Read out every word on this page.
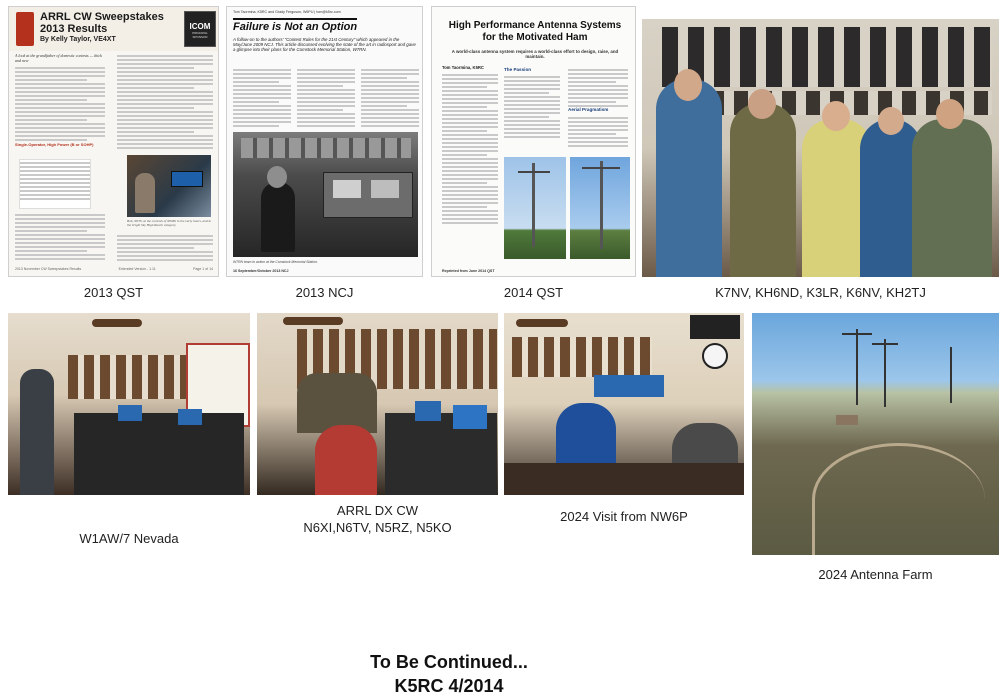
ARRL CW Sweepstakes
2013 Results
By Kelly Taylor, VE4XT
ICOM
PRINCIPAL SPONSOR
A look at the grandfather of domestic contests — thick and new
Single-Operator, High Power (B or SOHP)
Bob, N6TV, at the controls of N6MX in the early hours, and in the bright Sky High Ranch category.
2013 November CW Sweepstakes Results	Extended Version - 1.11	Page 1 of 14
2013 QST
Tom Taormina, K5RC and Grady Ferguson, W6PU | tom@k5rc.com
Failure is Not an Option
A follow-on to the authors' "Contest Rules for the 21st Century" which appeared in the May/June 2009 NCJ. This article discussed evolving the state of the art in radiosport and gave a glimpse into their plans for the Comstock Memorial Station, W7RN.
W7RN team in action at the Comstock Memorial Station.
16 September/October 2013 NCJ
2013 NCJ
High Performance Antenna Systems for the Motivated Ham
A world-class antenna system requires a world-class effort to design, raise, and maintain.
Tom Taormina, K5RC	The Passion
Aerial Pragmatism
Reprinted from June 2014 QST
2014 QST	K7NV, KH6ND, K3LR, K6NV, KH2TJ
W1AW/7 Nevada
ARRL DX CW
N6XI,N6TV, N5RZ, N5KO
2024 Visit from NW6P
2024 Antenna Farm
To Be Continued...
K5RC 4/2014
